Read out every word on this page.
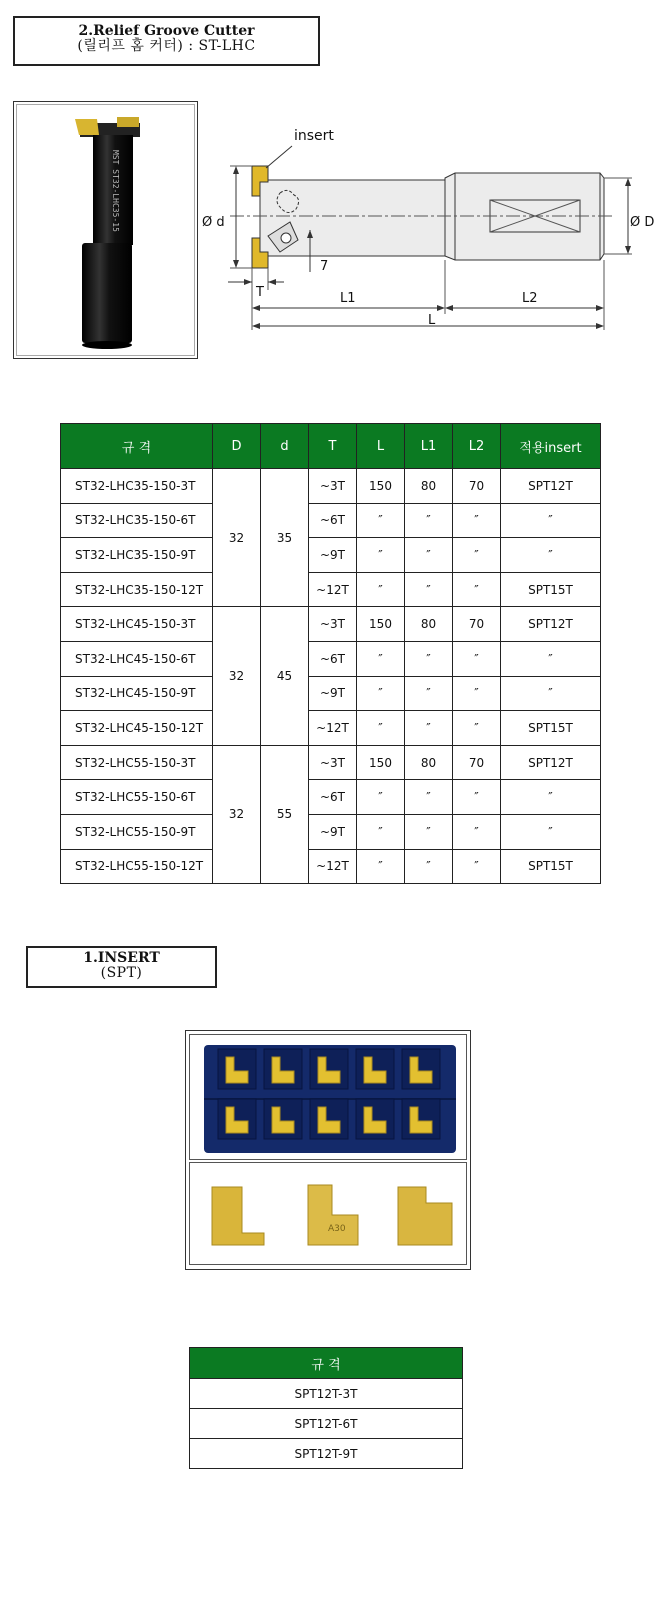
2.Relief Groove Cutter
(릴리프 홈 커터) : ST-LHC
MST ST32-LHC35-15
insert
Ø d	Ø D
7
T	L1	L2
L
규 격	D	d	T	L	L1	L2	적용insert
ST32-LHC35-150-3T	32	35	~3T	150	80	70	SPT12T
ST32-LHC35-150-6T			~6T	″	″	″	″
ST32-LHC35-150-9T			~9T	″	″	″	″
ST32-LHC35-150-12T			~12T	″	″	″	SPT15T
ST32-LHC45-150-3T	32	45	~3T	150	80	70	SPT12T
ST32-LHC45-150-6T			~6T	″	″	″	″
ST32-LHC45-150-9T			~9T	″	″	″	″
ST32-LHC45-150-12T			~12T	″	″	″	SPT15T
ST32-LHC55-150-3T	32	55	~3T	150	80	70	SPT12T
ST32-LHC55-150-6T			~6T	″	″	″	″
ST32-LHC55-150-9T			~9T	″	″	″	″
ST32-LHC55-150-12T			~12T	″	″	″	SPT15T
1.INSERT
(SPT)
A30
규 격
SPT12T-3T
SPT12T-6T
SPT12T-9T
